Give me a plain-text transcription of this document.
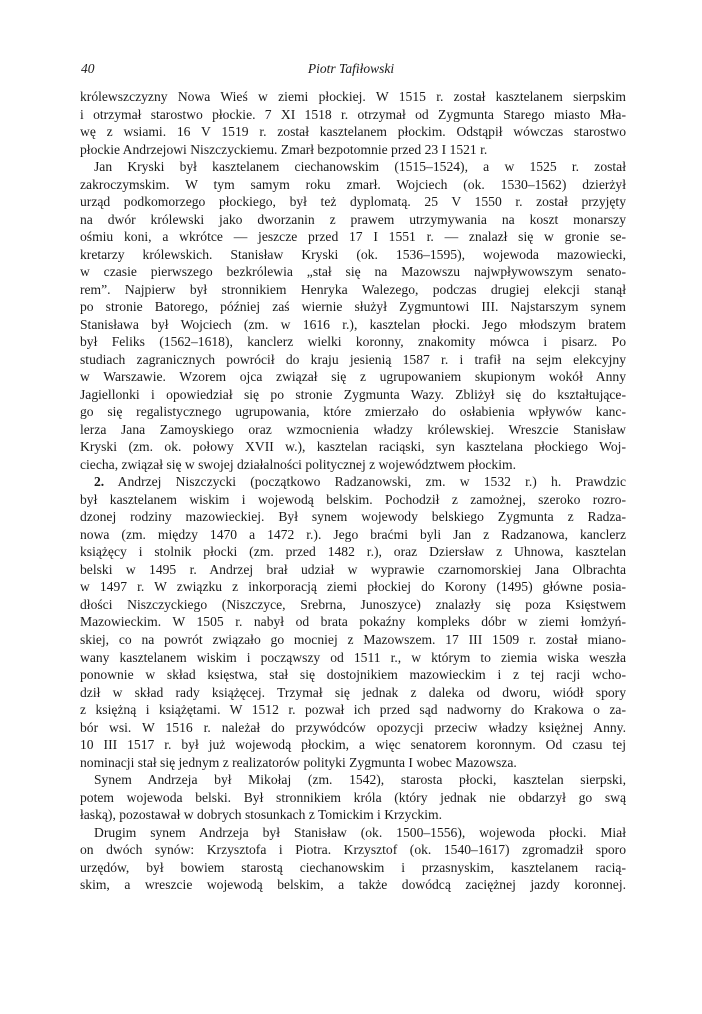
40	Piotr Tafiłowski
królewszczyzny Nowa Wieś w ziemi płockiej. W 1515 r. został kasztelanem sierpskim
i otrzymał starostwo płockie. 7 XI 1518 r. otrzymał od Zygmunta Starego miasto Mła-
wę z wsiami. 16 V 1519 r. został kasztelanem płockim. Odstąpił wówczas starostwo
płockie Andrzejowi Niszczyckiemu. Zmarł bezpotomnie przed 23 I 1521 r.
Jan Kryski był kasztelanem ciechanowskim (1515–1524), a w 1525 r. został
zakroczymskim. W tym samym roku zmarł. Wojciech (ok. 1530–1562) dzierżył
urząd podkomorzego płockiego, był też dyplomatą. 25 V 1550 r. został przyjęty
na dwór królewski jako dworzanin z prawem utrzymywania na koszt monarszy
ośmiu koni, a wkrótce — jeszcze przed 17 I 1551 r. — znalazł się w gronie se-
kretarzy królewskich. Stanisław Kryski (ok. 1536–1595), wojewoda mazowiecki,
w czasie pierwszego bezkrólewia „stał się na Mazowszu najwpływowszym senato-
rem”. Najpierw był stronnikiem Henryka Walezego, podczas drugiej elekcji stanął
po stronie Batorego, później zaś wiernie służył Zygmuntowi III. Najstarszym synem
Stanisława był Wojciech (zm. w 1616 r.), kasztelan płocki. Jego młodszym bratem
był Feliks (1562–1618), kanclerz wielki koronny, znakomity mówca i pisarz. Po
studiach zagranicznych powrócił do kraju jesienią 1587 r. i trafił na sejm elekcyjny
w Warszawie. Wzorem ojca związał się z ugrupowaniem skupionym wokół Anny
Jagiellonki i opowiedział się po stronie Zygmunta Wazy. Zbliżył się do kształtujące-
go się regalistycznego ugrupowania, które zmierzało do osłabienia wpływów kanc-
lerza Jana Zamoyskiego oraz wzmocnienia władzy królewskiej. Wreszcie Stanisław
Kryski (zm. ok. połowy XVII w.), kasztelan raciąski, syn kasztelana płockiego Woj-
ciecha, związał się w swojej działalności politycznej z województwem płockim.
2. Andrzej Niszczycki (początkowo Radzanowski, zm. w 1532 r.) h. Prawdzic
był kasztelanem wiskim i wojewodą belskim. Pochodził z zamożnej, szeroko rozro-
dzonej rodziny mazowieckiej. Był synem wojewody belskiego Zygmunta z Radza-
nowa (zm. między 1470 a 1472 r.). Jego braćmi byli Jan z Radzanowa, kanclerz
książęcy i stolnik płocki (zm. przed 1482 r.), oraz Dziersław z Uhnowa, kasztelan
belski w 1495 r. Andrzej brał udział w wyprawie czarnomorskiej Jana Olbrachta
w 1497 r. W związku z inkorporacją ziemi płockiej do Korony (1495) główne posia-
dłości Niszczyckiego (Niszczyce, Srebrna, Junoszyce) znalazły się poza Księstwem
Mazowieckim. W 1505 r. nabył od brata pokaźny kompleks dóbr w ziemi łomżyń-
skiej, co na powrót związało go mocniej z Mazowszem. 17 III 1509 r. został miano-
wany kasztelanem wiskim i począwszy od 1511 r., w którym to ziemia wiska weszła
ponownie w skład księstwa, stał się dostojnikiem mazowieckim i z tej racji wcho-
dził w skład rady książęcej. Trzymał się jednak z daleka od dworu, wiódł spory
z księżną i książętami. W 1512 r. pozwał ich przed sąd nadworny do Krakowa o za-
bór wsi. W 1516 r. należał do przywódców opozycji przeciw władzy księżnej Anny.
10 III 1517 r. był już wojewodą płockim, a więc senatorem koronnym. Od czasu tej
nominacji stał się jednym z realizatorów polityki Zygmunta I wobec Mazowsza.
Synem Andrzeja był Mikołaj (zm. 1542), starosta płocki, kasztelan sierpski,
potem wojewoda belski. Był stronnikiem króla (który jednak nie obdarzył go swą
łaską), pozostawał w dobrych stosunkach z Tomickim i Krzyckim.
Drugim synem Andrzeja był Stanisław (ok. 1500–1556), wojewoda płocki. Miał
on dwóch synów: Krzysztofa i Piotra. Krzysztof (ok. 1540–1617) zgromadził sporo
urzędów, był bowiem starostą ciechanowskim i przasnyskim, kasztelanem racią-
skim, a wreszcie wojewodą belskim, a także dowódcą zaciężnej jazdy koronnej.
